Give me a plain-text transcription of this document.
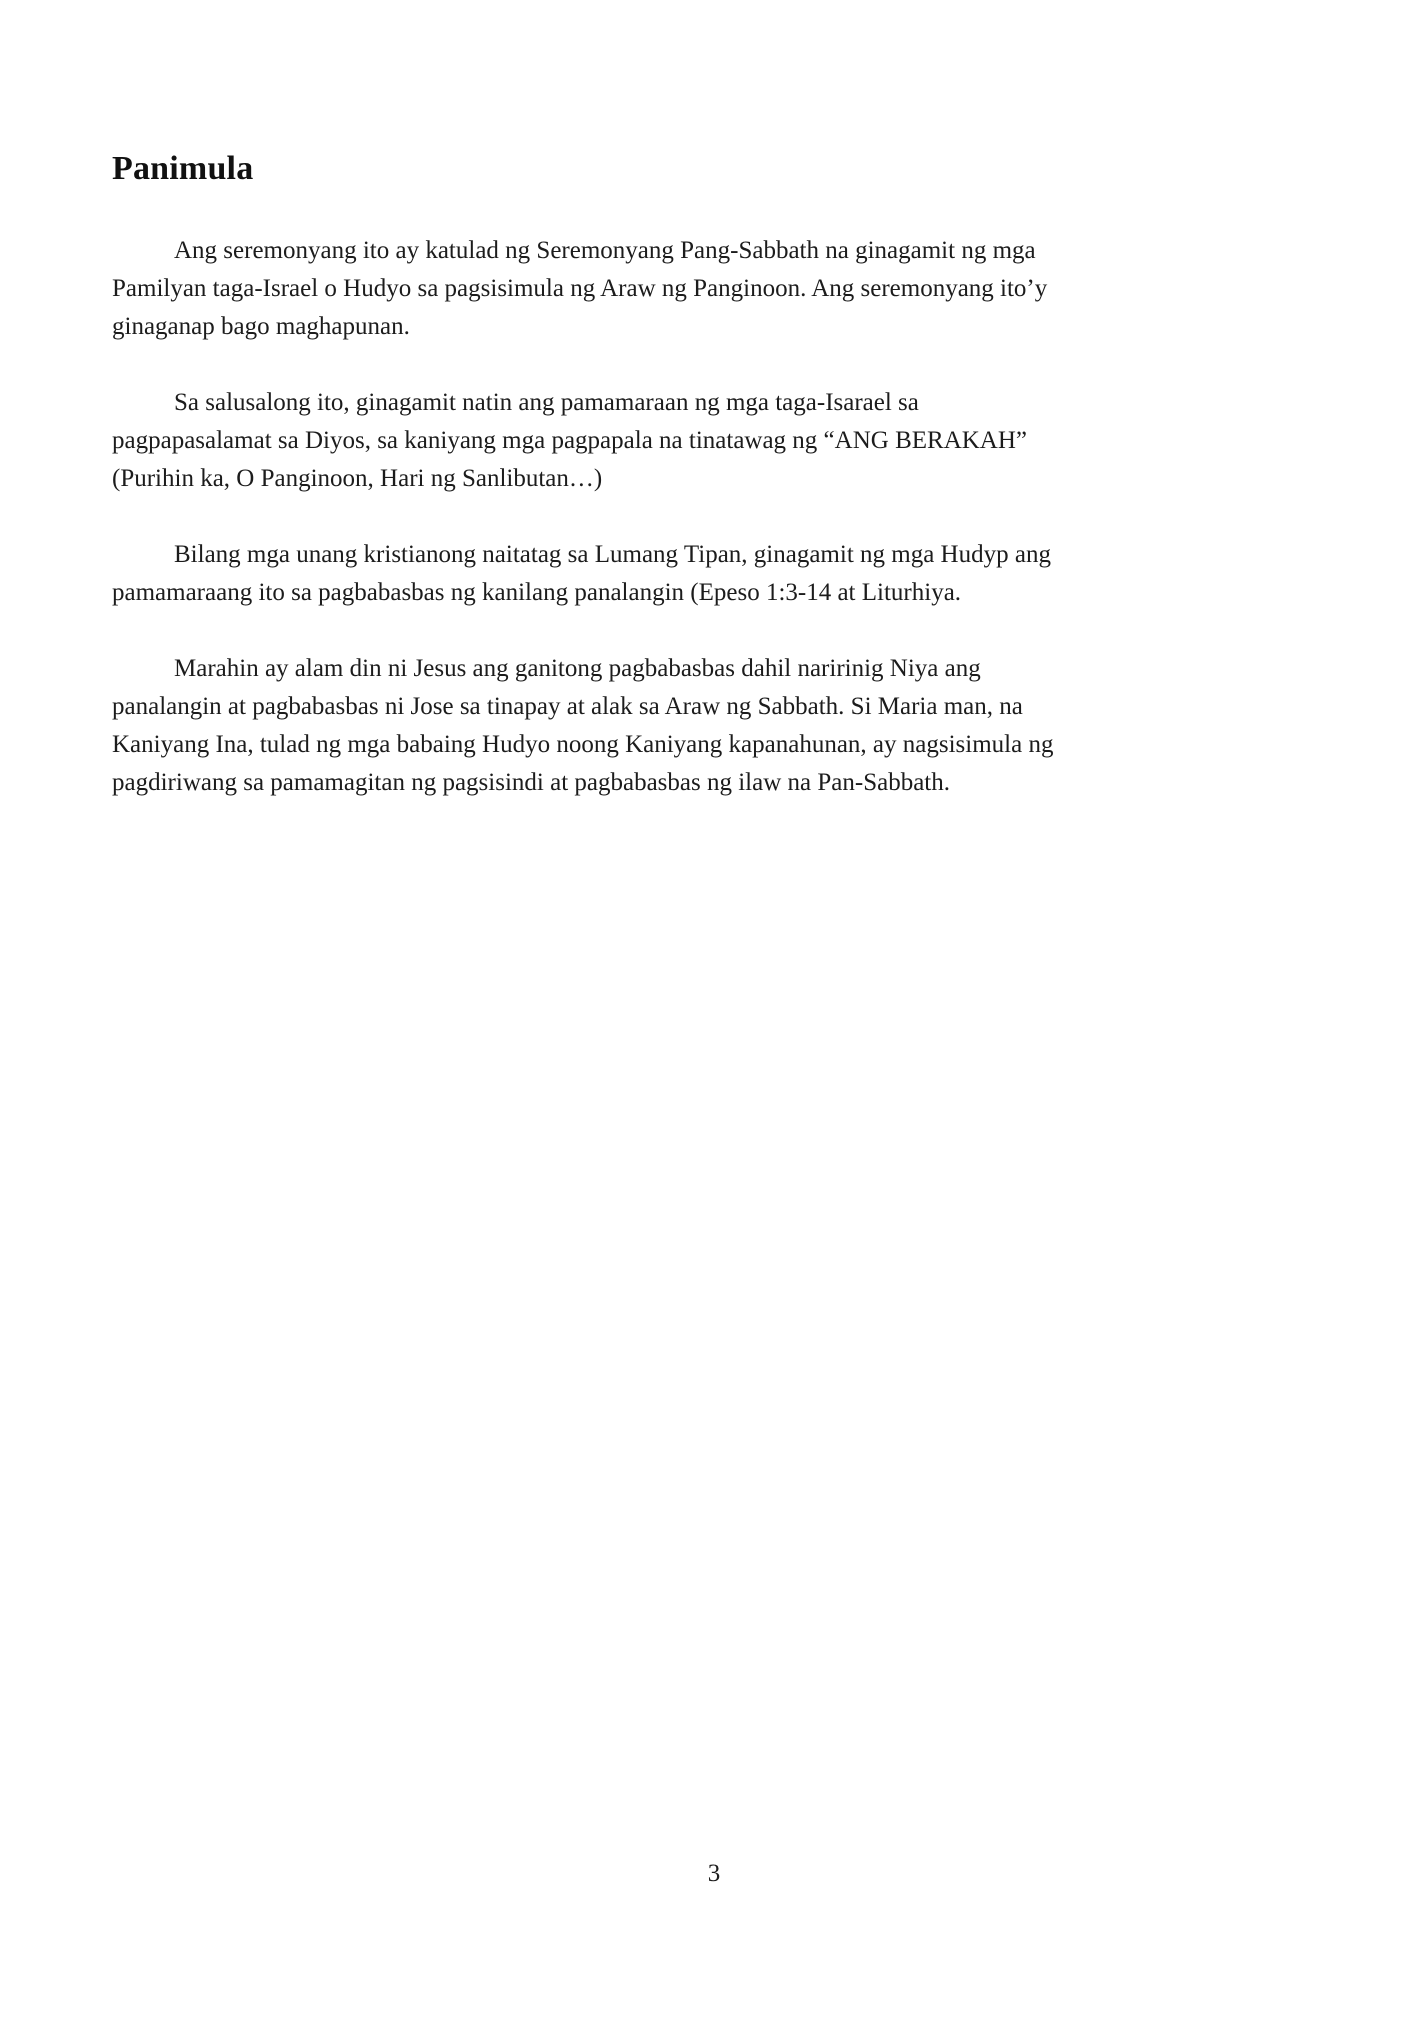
Panimula

Ang seremonyang ito ay katulad ng Seremonyang Pang-Sabbath na ginagamit ng mga Pamilyan taga-Israel o Hudyo sa pagsisimula ng Araw ng Panginoon. Ang seremonyang ito’y ginaganap bago maghapunan.

Sa salusalong ito, ginagamit natin ang pamamaraan ng mga taga-Isarael sa pagpapasalamat sa Diyos, sa kaniyang mga pagpapala na tinatawag ng “ANG BERAKAH” (Purihin ka, O Panginoon, Hari ng Sanlibutan…)

Bilang mga unang kristianong naitatag sa Lumang Tipan, ginagamit ng mga Hudyp ang pamamaraang ito sa pagbabasbas ng kanilang panalangin (Epeso 1:3-14 at Liturhiya.

Marahin ay alam din ni Jesus ang ganitong pagbabasbas dahil naririnig Niya ang panalangin at pagbabasbas ni Jose sa tinapay at alak sa Araw ng Sabbath. Si Maria man, na Kaniyang Ina, tulad ng mga babaing Hudyo noong Kaniyang kapanahunan, ay nagsisimula ng pagdiriwang sa pamamagitan ng pagsisindi at pagbabasbas ng ilaw na Pan-Sabbath.

3
